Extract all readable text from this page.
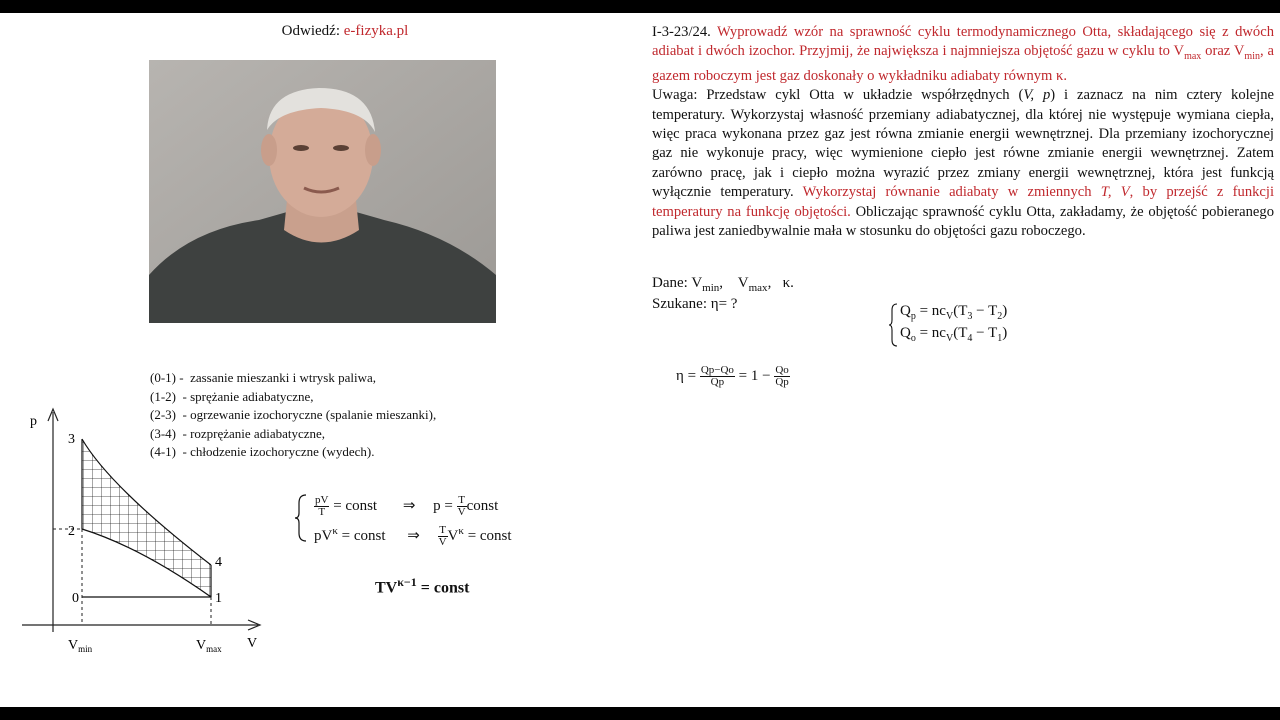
Odwiedź: e-fizyka.pl
(0-1) -  zassanie mieszanki i wtrysk paliwa,
(1-2)  - sprężanie adiabatyczne,
(2-3)  - ogrzewanie izochoryczne (spalanie mieszanki),
(3-4)  - rozprężanie adiabatyczne,
(4-1)  - chłodzenie izochoryczne (wydech).
p
V
3
2
0
4
1
$V_{min}$	$V_{max}$
$\frac{pV}{T}$ = const ⇒ $p = \frac{T}{V}$ const
$pV^\kappa$ = const ⇒ $\frac{T}{V} V^\kappa$ = const
$TV^{\kappa-1}$ = const
I-3-23/24. Wyprowadź wzór na sprawność cyklu termodynamicznego Otta, składającego się z dwóch adiabat i dwóch izochor. Przyjmij, że największa i najmniejsza objętość gazu w cyklu to $V_{max}$ oraz $V_{min}$, a gazem roboczym jest gaz doskonały o wykładniku adiabaty równym κ.
Uwaga: Przedstaw cykl Otta w układzie współrzędnych (V, p) i zaznacz na nim cztery kolejne temperatury. Wykorzystaj własność przemiany adiabatycznej, dla której nie występuje wymiana ciepła, więc praca wykonana przez gaz jest równa zmianie energii wewnętrznej. Dla przemiany izochorycznej gaz nie wykonuje pracy, więc wymienione ciepło jest równe zmianie energii wewnętrznej. Zatem zarówno pracę, jak i ciepło można wyrazić przez zmiany energii wewnętrznej, która jest funkcją wyłącznie temperatury. Wykorzystaj równanie adiabaty w zmiennych T, V, by przejść z funkcji temperatury na funkcję objętości. Obliczając sprawność cyklu Otta, zakładamy, że objętość pobieranego paliwa jest zaniedbywalnie mała w stosunku do objętości gazu roboczego.
Dane: $V_{min}$,    $V_{max}$,   κ.
Szukane: η= ?	$Q_p = nc_V(T_3 - T_2)$
$Q_o = nc_V(T_4 - T_1)$
$\eta = \frac{Qp-Qo}{Qp} = 1 - \frac{Qo}{Qp}$
